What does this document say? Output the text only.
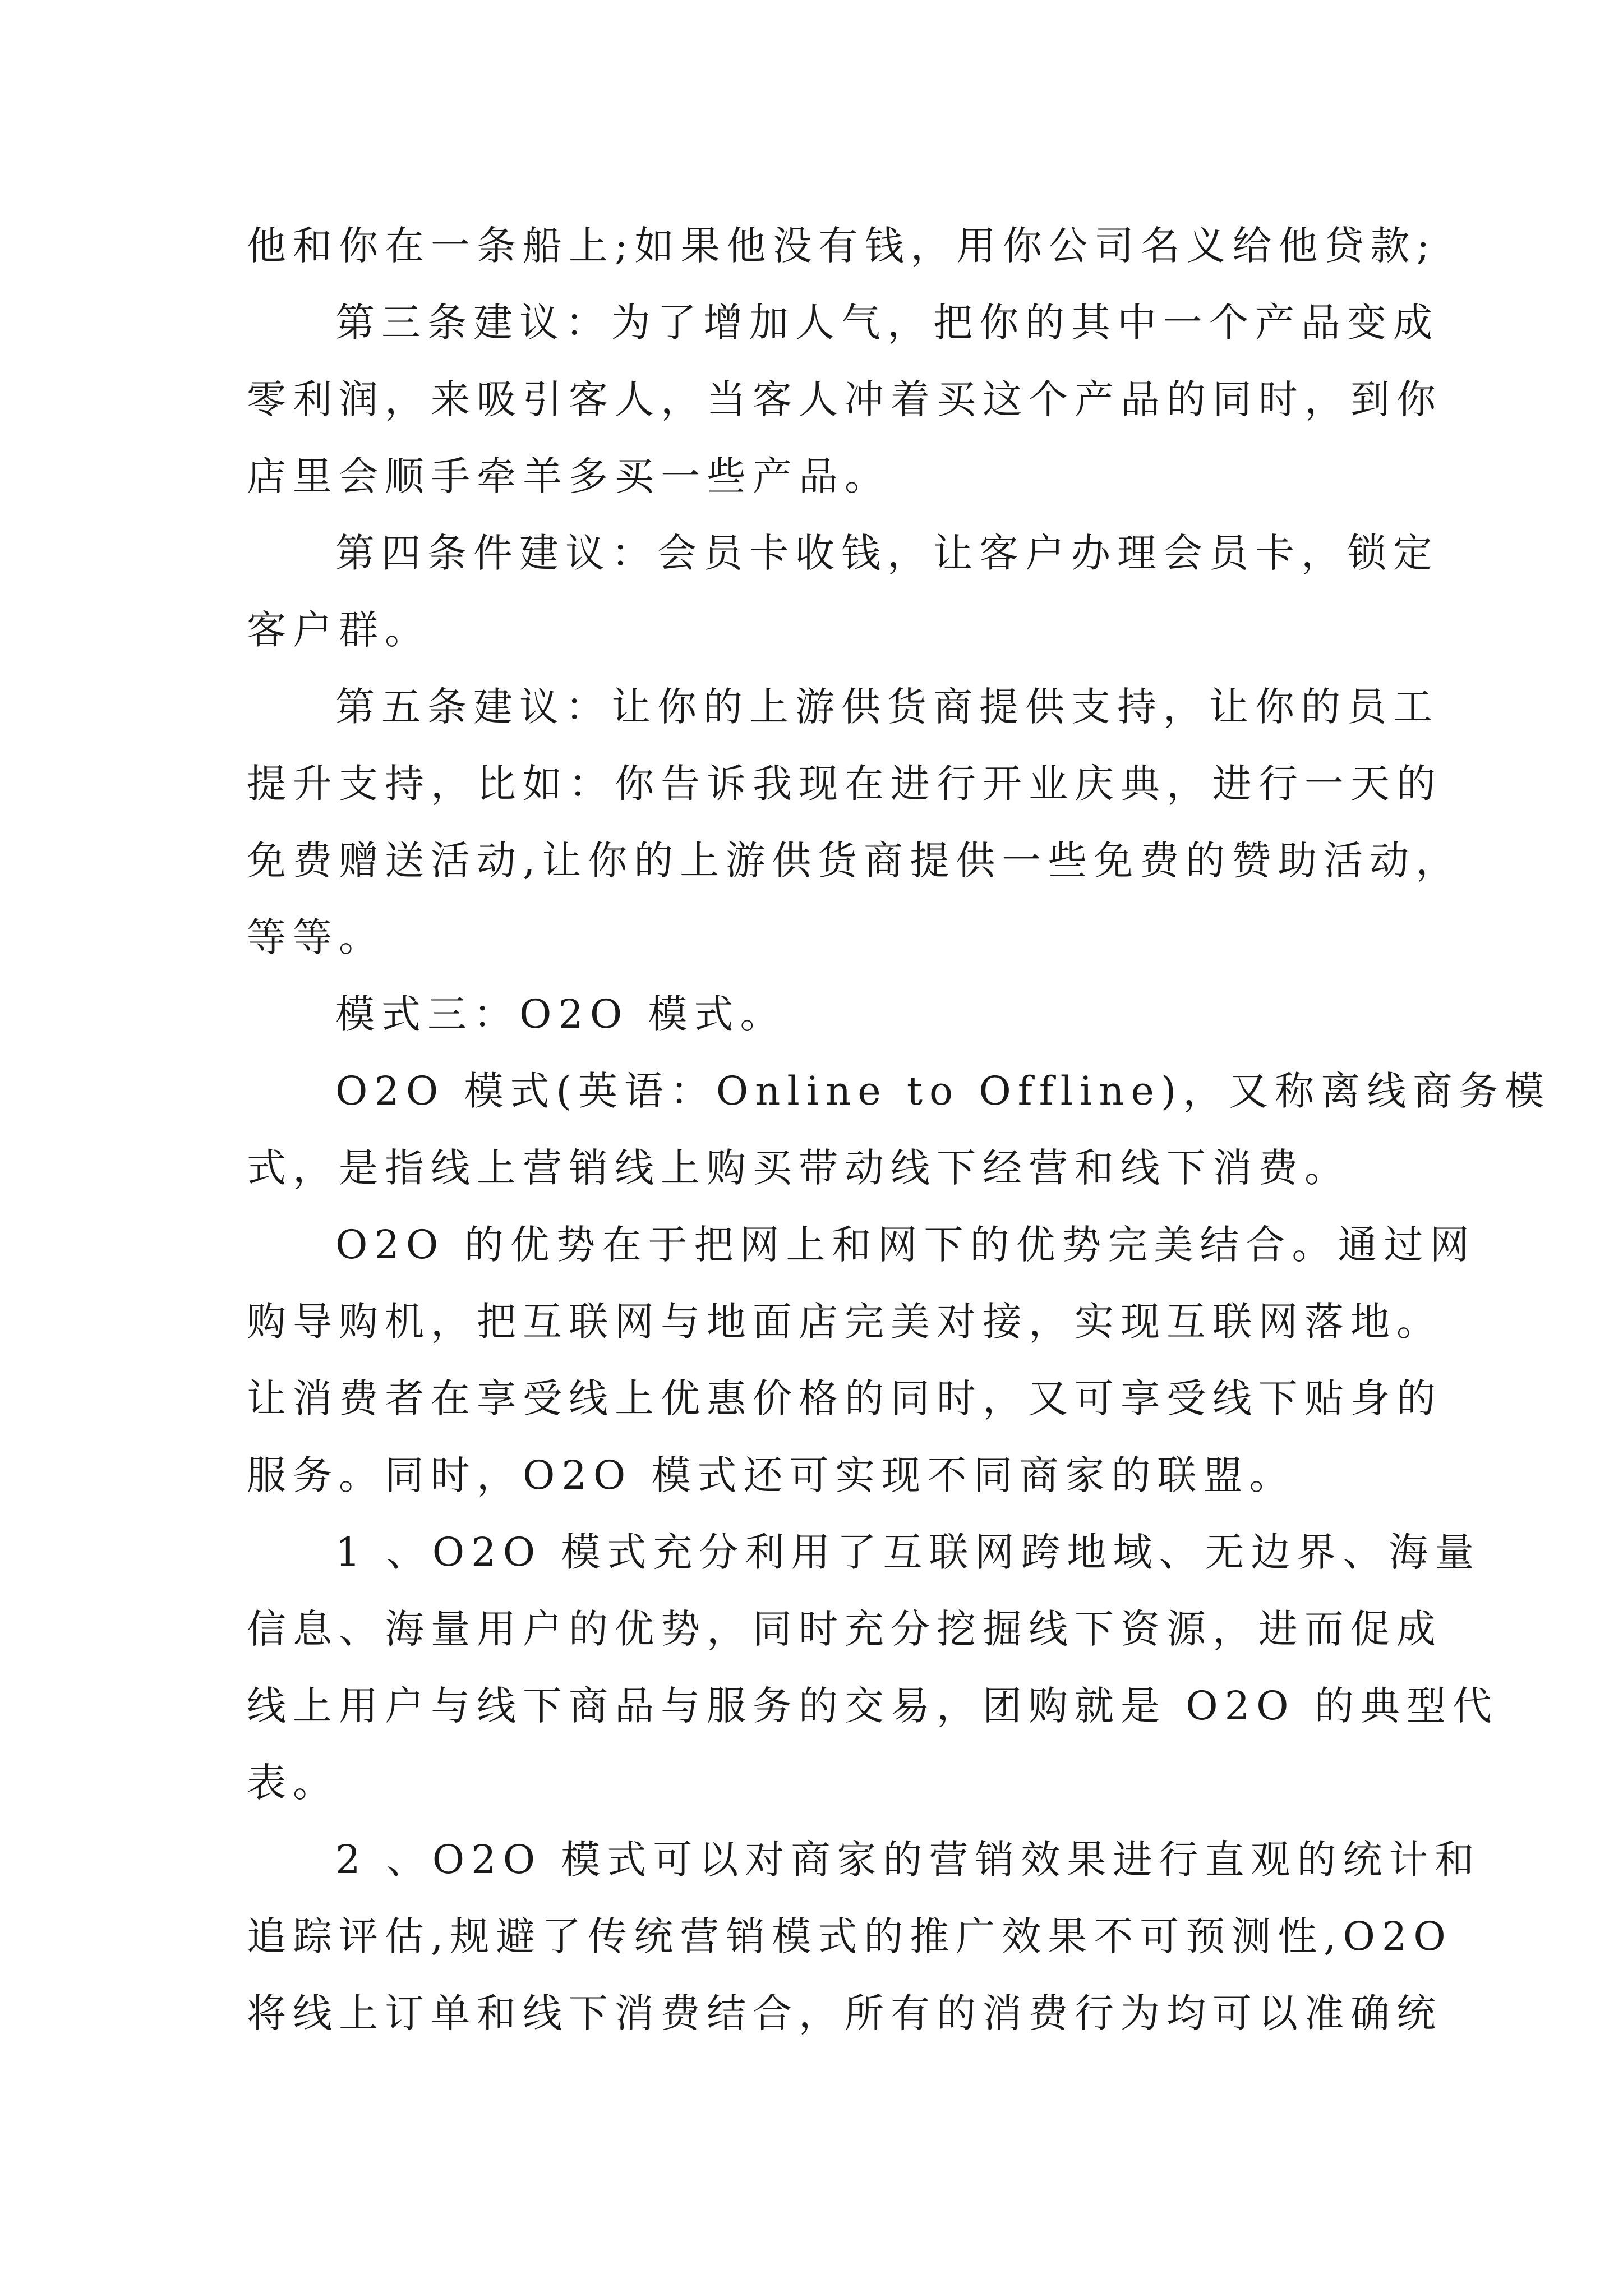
他和你在一条船上;如果他没有钱，用你公司名义给他贷款;
第三条建议：为了增加人气，把你的其中一个产品变成
零利润，来吸引客人，当客人冲着买这个产品的同时，到你
店里会顺手牵羊多买一些产品。
第四条件建议：会员卡收钱，让客户办理会员卡，锁定
客户群。
第五条建议：让你的上游供货商提供支持，让你的员工
提升支持，比如：你告诉我现在进行开业庆典，进行一天的
免费赠送活动,让你的上游供货商提供一些免费的赞助活动，
等等。
模式三：O2O 模式。
O2O 模式(英语：Online to Offline)，又称离线商务模
式，是指线上营销线上购买带动线下经营和线下消费。
O2O 的优势在于把网上和网下的优势完美结合。通过网
购导购机，把互联网与地面店完美对接，实现互联网落地。
让消费者在享受线上优惠价格的同时，又可享受线下贴身的
服务。同时，O2O 模式还可实现不同商家的联盟。
1 、O2O 模式充分利用了互联网跨地域、无边界、海量
信息、海量用户的优势，同时充分挖掘线下资源，进而促成
线上用户与线下商品与服务的交易，团购就是 O2O 的典型代
表。
2 、O2O 模式可以对商家的营销效果进行直观的统计和
追踪评估,规避了传统营销模式的推广效果不可预测性,O2O
将线上订单和线下消费结合，所有的消费行为均可以准确统
